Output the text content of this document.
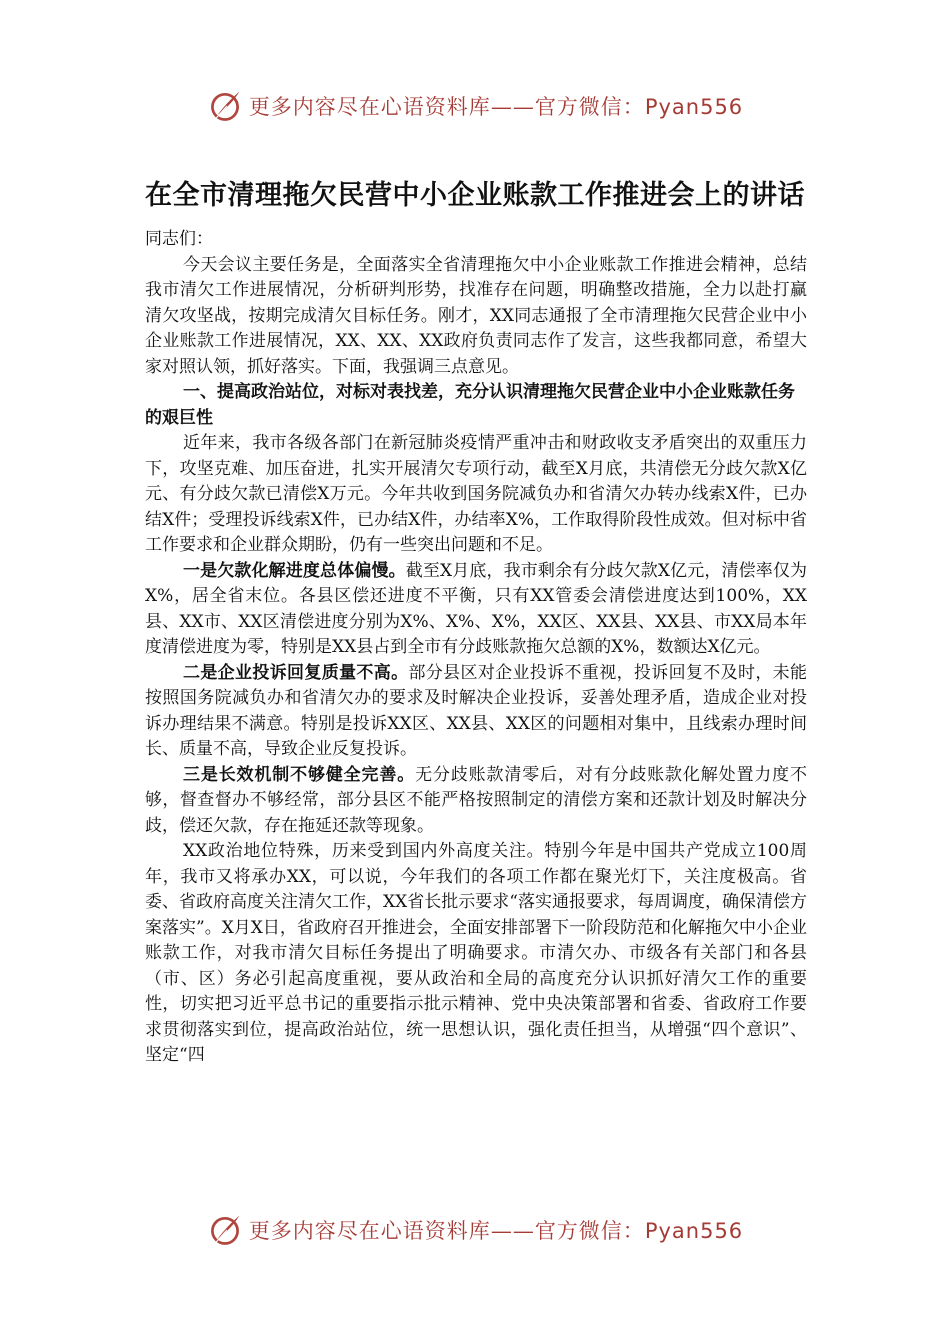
更多内容尽在心语资料库——官方微信：Pyan556
在全市清理拖欠民营中小企业账款工作推进会上的讲话

同志们：

今天会议主要任务是，全面落实全省清理拖欠中小企业账款工作推进会精神，总结我市清欠工作进展情况，分析研判形势，找准存在问题，明确整改措施，全力以赴打赢清欠攻坚战，按期完成清欠目标任务。刚才，XX同志通报了全市清理拖欠民营企业中小企业账款工作进展情况，XX、XX、XX政府负责同志作了发言，这些我都同意，希望大家对照认领，抓好落实。下面，我强调三点意见。

一、提高政治站位，对标对表找差，充分认识清理拖欠民营企业中小企业账款任务的艰巨性

近年来，我市各级各部门在新冠肺炎疫情严重冲击和财政收支矛盾突出的双重压力下，攻坚克难、加压奋进，扎实开展清欠专项行动，截至X月底，共清偿无分歧欠款X亿元、有分歧欠款已清偿X万元。今年共收到国务院减负办和省清欠办转办线索X件，已办结X件；受理投诉线索X件，已办结X件，办结率X%，工作取得阶段性成效。但对标中省工作要求和企业群众期盼，仍有一些突出问题和不足。

一是欠款化解进度总体偏慢。截至X月底，我市剩余有分歧欠款X亿元，清偿率仅为X%，居全省末位。各县区偿还进度不平衡，只有XX管委会清偿进度达到100%，XX县、XX市、XX区清偿进度分别为X%、X%、X%，XX区、XX县、XX县、市XX局本年度清偿进度为零，特别是XX县占到全市有分歧账款拖欠总额的X%，数额达X亿元。

二是企业投诉回复质量不高。部分县区对企业投诉不重视，投诉回复不及时，未能按照国务院减负办和省清欠办的要求及时解决企业投诉，妥善处理矛盾，造成企业对投诉办理结果不满意。特别是投诉XX区、XX县、XX区的问题相对集中，且线索办理时间长、质量不高，导致企业反复投诉。

三是长效机制不够健全完善。无分歧账款清零后，对有分歧账款化解处置力度不够，督查督办不够经常，部分县区不能严格按照制定的清偿方案和还款计划及时解决分歧，偿还欠款，存在拖延还款等现象。

XX政治地位特殊，历来受到国内外高度关注。特别今年是中国共产党成立100周年，我市又将承办XX，可以说，今年我们的各项工作都在聚光灯下，关注度极高。省委、省政府高度关注清欠工作，XX省长批示要求“落实通报要求，每周调度，确保清偿方案落实”。X月X日，省政府召开推进会，全面安排部署下一阶段防范和化解拖欠中小企业账款工作，对我市清欠目标任务提出了明确要求。市清欠办、市级各有关部门和各县（市、区）务必引起高度重视，要从政治和全局的高度充分认识抓好清欠工作的重要性，切实把习近平总书记的重要指示批示精神、党中央决策部署和省委、省政府工作要求贯彻落实到位，提高政治站位，统一思想认识，强化责任担当，从增强“四个意识”、坚定“四

更多内容尽在心语资料库——官方微信：Pyan556
